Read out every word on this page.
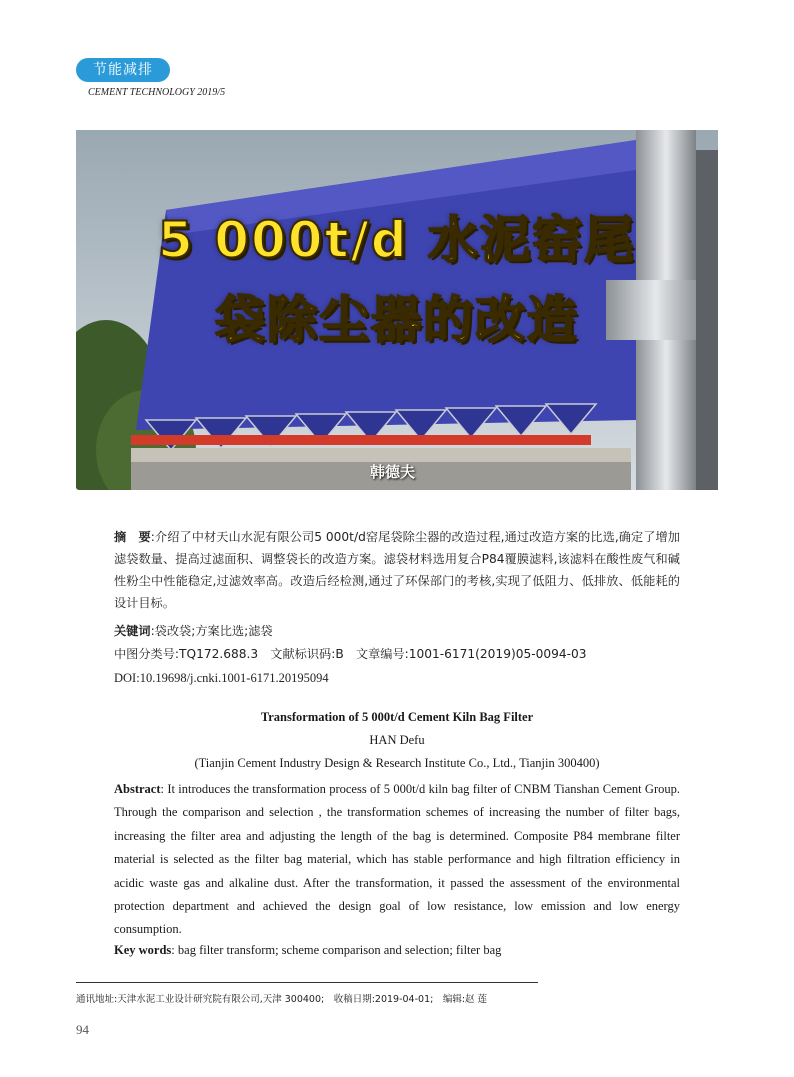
节能减排
CEMENT TECHNOLOGY 2019/5
5 000t/d 水泥窑尾
袋除尘器的改造
韩德夫
摘　要:介绍了中材天山水泥有限公司5 000t/d窑尾袋除尘器的改造过程,通过改造方案的比选,确定了增加滤袋数量、提高过滤面积、调整袋长的改造方案。滤袋材料选用复合P84覆膜滤料,该滤料在酸性废气和碱性粉尘中性能稳定,过滤效率高。改造后经检测,通过了环保部门的考核,实现了低阻力、低排放、低能耗的设计目标。
关键词:袋改袋;方案比选;滤袋
中图分类号:TQ172.688.3　文献标识码:B　文章编号:1001-6171(2019)05-0094-03
DOI:10.19698/j.cnki.1001-6171.20195094
Transformation of 5 000t/d Cement Kiln Bag Filter
HAN Defu
(Tianjin Cement Industry Design & Research Institute Co., Ltd., Tianjin 300400)
Abstract: It introduces the transformation process of 5 000t/d kiln bag filter of CNBM Tianshan Cement Group. Through the comparison and selection , the transformation schemes of increasing the number of filter bags, increasing the filter area and adjusting the length of the bag is determined. Composite P84 membrane filter material is selected as the filter bag material, which has stable performance and high filtration efficiency in acidic waste gas and alkaline dust. After the transformation, it passed the assessment of the environmental protection department and achieved the design goal of low resistance, low emission and low energy consumption.
Key words: bag filter transform; scheme comparison and selection; filter bag
通讯地址:天津水泥工业设计研究院有限公司,天津 300400;　收稿日期:2019-04-01;　编辑:赵 莲
94
